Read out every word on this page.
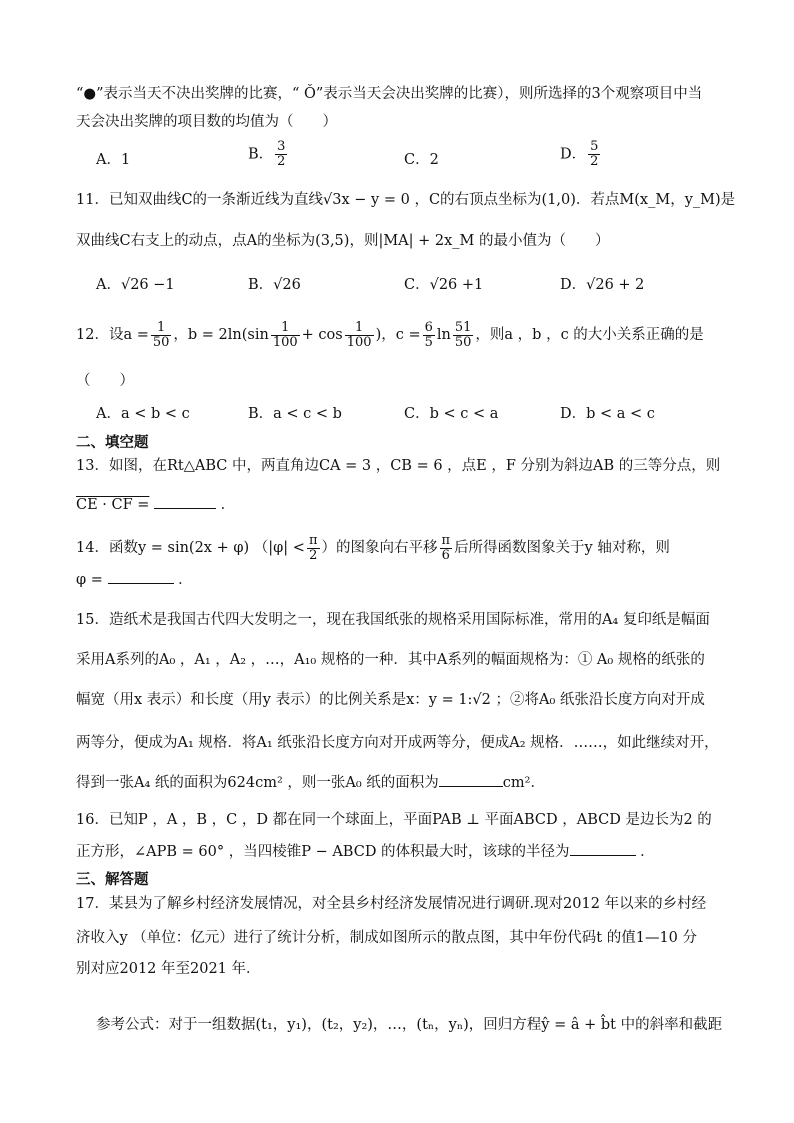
“●”表示当天不决出奖牌的比赛，“ Ǒ”表示当天会决出奖牌的比赛），则所选择的3个观察项目中当
天会决出奖牌的项目数的均值为（　　）
A．1	B． $\frac{3}{2}$	C．2	D． $\frac{5}{2}$
11．已知双曲线C的一条渐近线为直线√3x − y = 0 ，C的右顶点坐标为(1,0)．若点M(x_M，y_M)是
双曲线C右支上的动点，点A的坐标为(3,5)，则|MA| + 2x_M 的最小值为（　　）
A．√26 −1	B．√26	C．√26 +1	D．√26 + 2
12．设$a = \frac{1}{50}$ ，$b = 2\ln(\sin \frac{1}{100} + \cos \frac{1}{100}$ )，$c = \frac{6}{5}$ $\ln \frac{51}{50}$ ，则a ，b ，c 的大小关系正确的是
（　　）
A．a < b < c	B．a < c < b	C．b < c < a	D．b < a < c
二、填空题
13．如图，在Rt△ABC 中，两直角边CA = 3 ，CB = 6 ，点E ，F 分别为斜边AB 的三等分点，则
CE · CF =	．
14．函数y = sin(2x + φ) （$|\varphi| < \frac{\pi}{2}$ ）的图象向右平移 $\frac{\pi}{6}$ 后所得函数图象关于y 轴对称，则
φ =	．
15．造纸术是我国古代四大发明之一，现在我国纸张的规格采用国际标准，常用的A₄ 复印纸是幅面
采用A系列的A₀ ，A₁ ，A₂ ，…，A₁₀ 规格的一种．其中A系列的幅面规格为：① A₀ 规格的纸张的
幅宽（用x 表示）和长度（用y 表示）的比例关系是x：y = 1:√2 ；②将A₀ 纸张沿长度方向对开成
两等分，便成为A₁ 规格．将A₁ 纸张沿长度方向对开成两等分，便成A₂ 规格．……，如此继续对开，
得到一张A₄ 纸的面积为624cm² ，则一张A₀ 纸的面积为	cm²．
16．已知P ，A ，B ，C ，D 都在同一个球面上，平面PAB ⊥ 平面ABCD ，ABCD 是边长为2 的
正方形，∠APB = 60° ，当四棱锥P − ABCD 的体积最大时，该球的半径为	．
三、解答题
17．某县为了解乡村经济发展情况，对全县乡村经济发展情况进行调研.现对2012 年以来的乡村经
济收入y （单位：亿元）进行了统计分析，制成如图所示的散点图，其中年份代码t 的值1—10 分
别对应2012 年至2021 年．
参考公式：对于一组数据(t₁，y₁)，(t₂，y₂)，…，(tₙ，yₙ)，回归方程ŷ = â + b̂t 中的斜率和截距
